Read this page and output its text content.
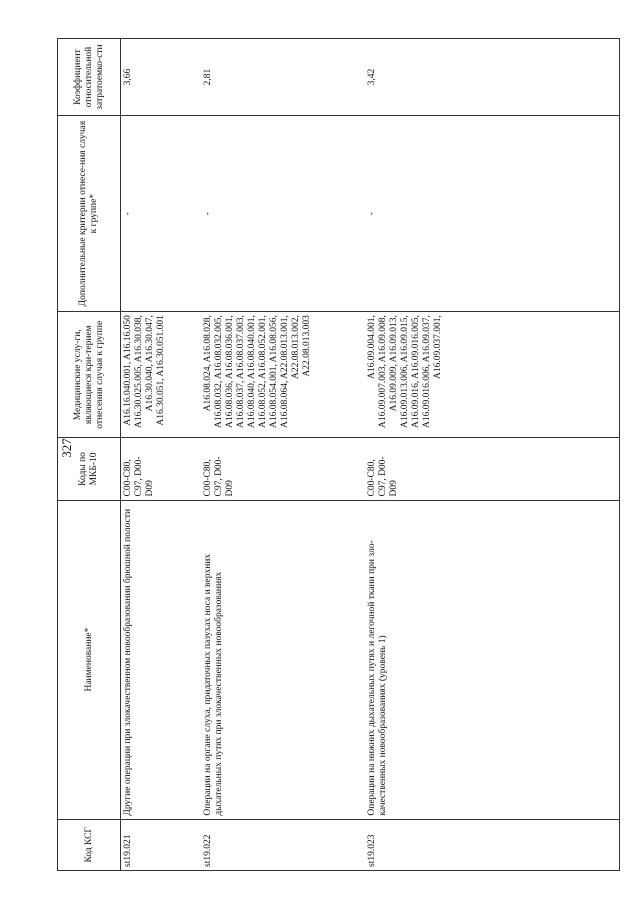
327
Код КСГ	Наименование*	Коды по МКБ-10	Медицинские услу-ги, являющиеся кри-терием отнесения случая к группе	Дополнительные критерии отнесе-ния случая к группе*	Коэффициент относительной затратоемко-сти
st19.021	Другие операции при злокачественном новообразовании брюшной полости	C00-C80, C97, D00-D09	A16.16.040.001, A16.16.050 A16.30.025.005, A16.30.038, A16.30.040, A16.30.047, A16.30.051, A16.30.051.001	-	3,66
st19.022	Операции на органе слуха, придаточных пазухах носа и верхних дыхательных путях при злокачественных новообразованиях	C00-C80, C97, D00-D09	A16.08.024, A16.08.028, A16.08.032, A16.08.032.005, A16.08.036, A16.08.036.001, A16.08.037, A16.08.037.003, A16.08.040, A16.08.040.001, A16.08.052, A16.08.052.001, A16.08.054.001, A16.08.056, A16.08.064, A22.08.013.001, A22.08.013.002, A22.08.013.003	-	2,81
st19.023	Операции на нижних дыхательных путях и легочной ткани при зло-качественных новообразованиях (уровень 1)	C00-C80, C97, D00-D09	A16.09.004.001, A16.09.007.003, A16.09.008, A16.09.009, A16.09.013, A16.09.013.006, A16.09.015, A16.09.016, A16.09.016.005, A16.09.016.006, A16.09.037, A16.09.037.001,	-	3,42
